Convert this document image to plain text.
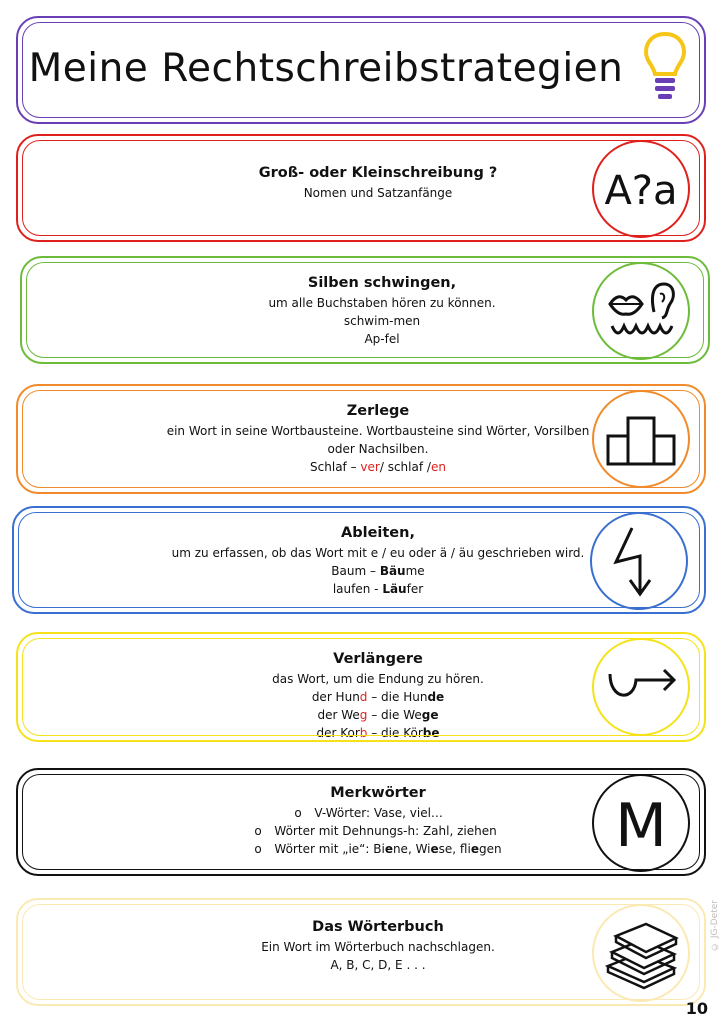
Meine Rechtschreibstrategien
Groß- oder Kleinschreibung ?
Nomen und Satzanfänge	A?a
Silben schwingen,
um alle Buchstaben hören zu können.
schwim-men
Ap-fel
Zerlege
ein Wort in seine Wortbausteine. Wortbausteine sind Wörter, Vorsilben
oder Nachsilben.
Schlaf – ver/ schlaf /en
Ableiten,
um zu erfassen, ob das Wort mit e / eu oder ä / äu geschrieben wird.
Baum – Bäume
laufen - Läufer
Verlängere
das Wort, um die Endung zu hören.
der Hund – die Hunde
der Weg – die Wege
der Korb – die Körbe
Merkwörter
o V-Wörter: Vase, viel…
o Wörter mit Dehnungs-h: Zahl, ziehen
o Wörter mit „ie“: Biene, Wiese, fliegen M
Das Wörterbuch
Ein Wort im Wörterbuch nachschlagen.
A, B, C, D, E . . .
© JG-Deter
10
